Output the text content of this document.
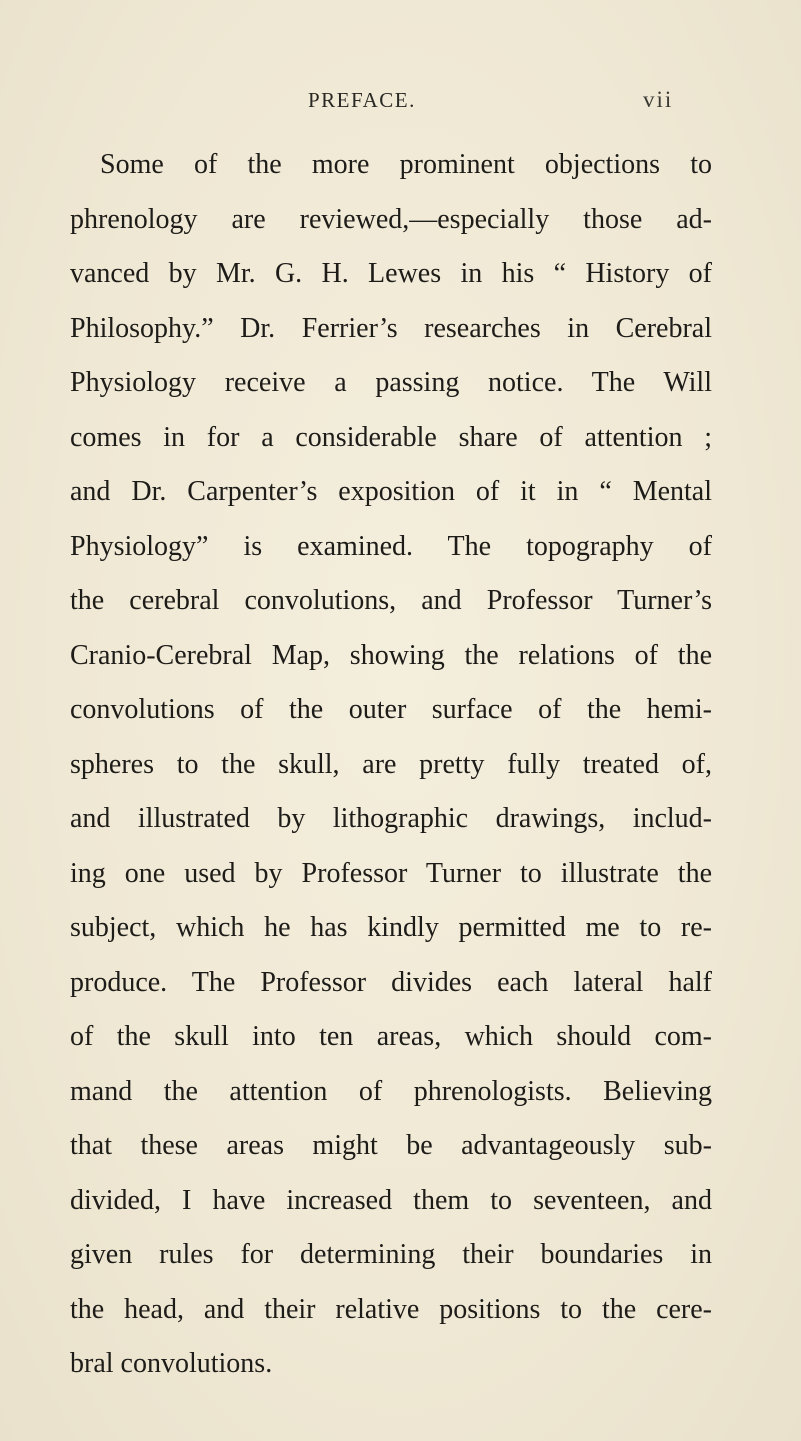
PREFACE.	vii
Some of the more prominent objections to
phrenology are reviewed,—especially those ad-
vanced by Mr. G. H. Lewes in his “ History of
Philosophy.” Dr. Ferrier’s researches in Cerebral
Physiology receive a passing notice. The Will
comes in for a considerable share of attention ;
and Dr. Carpenter’s exposition of it in “ Mental
Physiology” is examined. The topography of
the cerebral convolutions, and Professor Turner’s
Cranio-Cerebral Map, showing the relations of the
convolutions of the outer surface of the hemi-
spheres to the skull, are pretty fully treated of,
and illustrated by lithographic drawings, includ-
ing one used by Professor Turner to illustrate the
subject, which he has kindly permitted me to re-
produce. The Professor divides each lateral half
of the skull into ten areas, which should com-
mand the attention of phrenologists. Believing
that these areas might be advantageously sub-
divided, I have increased them to seventeen, and
given rules for determining their boundaries in
the head, and their relative positions to the cere-
bral convolutions.
